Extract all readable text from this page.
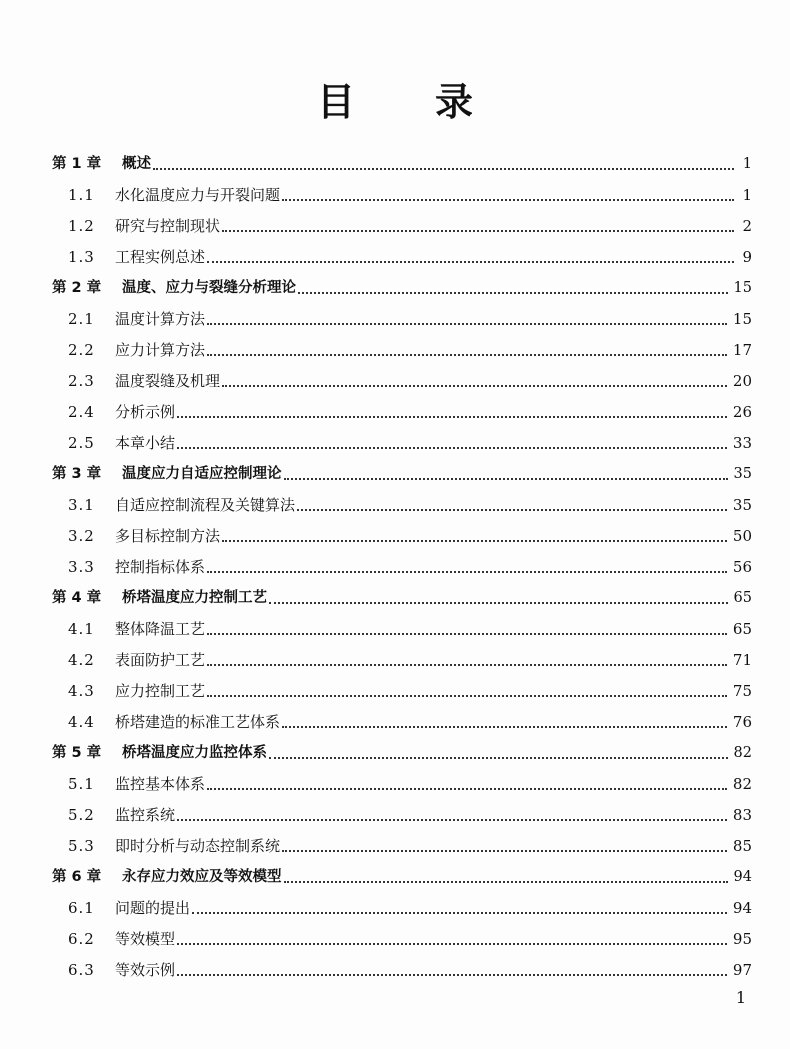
目 录
第 1 章	概述	1
1.1	水化温度应力与开裂问题	1
1.2	研究与控制现状	2
1.3	工程实例总述	9
第 2 章	温度、应力与裂缝分析理论	15
2.1	温度计算方法	15
2.2	应力计算方法	17
2.3	温度裂缝及机理	20
2.4	分析示例	26
2.5	本章小结	33
第 3 章	温度应力自适应控制理论	35
3.1	自适应控制流程及关键算法	35
3.2	多目标控制方法	50
3.3	控制指标体系	56
第 4 章	桥塔温度应力控制工艺	65
4.1	整体降温工艺	65
4.2	表面防护工艺	71
4.3	应力控制工艺	75
4.4	桥塔建造的标准工艺体系	76
第 5 章	桥塔温度应力监控体系	82
5.1	监控基本体系	82
5.2	监控系统	83
5.3	即时分析与动态控制系统	85
第 6 章	永存应力效应及等效模型	94
6.1	问题的提出	94
6.2	等效模型	95
6.3	等效示例	97
1
